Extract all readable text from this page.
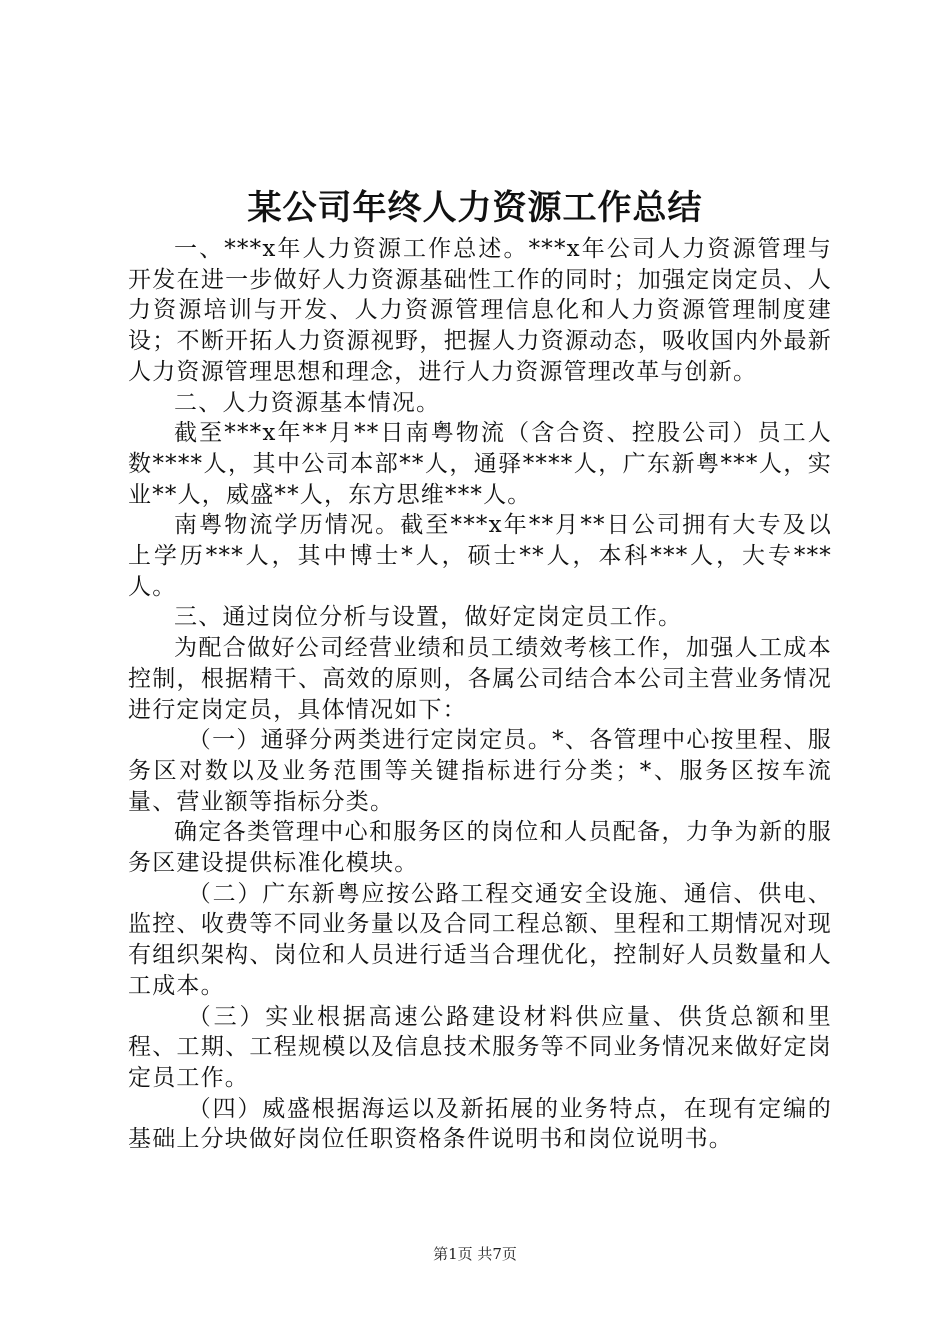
某公司年终人力资源工作总结

一、***x年人力资源工作总述。***x年公司人力资源管理与开发在进一步做好人力资源基础性工作的同时；加强定岗定员、人力资源培训与开发、人力资源管理信息化和人力资源管理制度建设；不断开拓人力资源视野，把握人力资源动态，吸收国内外最新人力资源管理思想和理念，进行人力资源管理改革与创新。

二、人力资源基本情况。

截至***x年**月**日南粤物流（含合资、控股公司）员工人数****人，其中公司本部**人，通驿****人，广东新粤***人，实业**人，威盛**人，东方思维***人。

南粤物流学历情况。截至***x年**月**日公司拥有大专及以上学历***人，其中博士*人，硕士**人，本科***人，大专***人。

三、通过岗位分析与设置，做好定岗定员工作。

为配合做好公司经营业绩和员工绩效考核工作，加强人工成本控制，根据精干、高效的原则，各属公司结合本公司主营业务情况进行定岗定员，具体情况如下：

（一）通驿分两类进行定岗定员。*、各管理中心按里程、服务区对数以及业务范围等关键指标进行分类；*、服务区按车流量、营业额等指标分类。

确定各类管理中心和服务区的岗位和人员配备，力争为新的服务区建设提供标准化模块。

（二）广东新粤应按公路工程交通安全设施、通信、供电、监控、收费等不同业务量以及合同工程总额、里程和工期情况对现有组织架构、岗位和人员进行适当合理优化，控制好人员数量和人工成本。

（三）实业根据高速公路建设材料供应量、供货总额和里程、工期、工程规模以及信息技术服务等不同业务情况来做好定岗定员工作。

（四）威盛根据海运以及新拓展的业务特点，在现有定编的基础上分块做好岗位任职资格条件说明书和岗位说明书。

第1页 共7页
